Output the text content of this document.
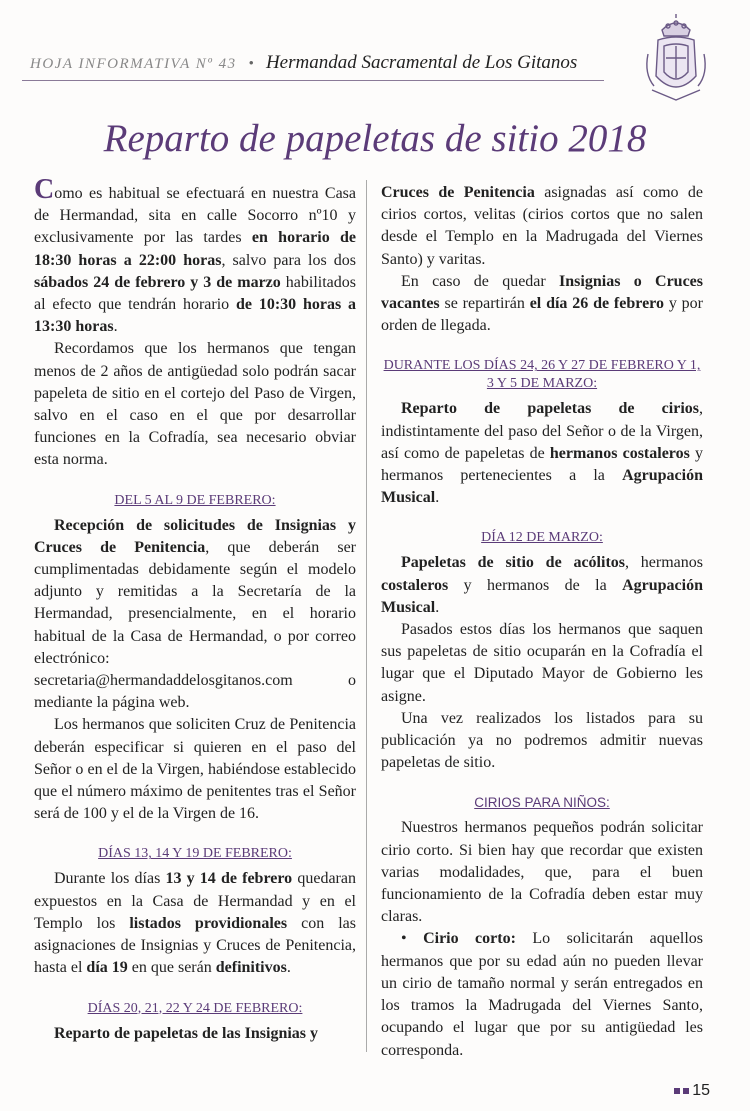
HOJA INFORMATIVA Nº 43 • Hermandad Sacramental de Los Gitanos
Reparto de papeletas de sitio 2018

Como es habitual se efectuará en nuestra Casa de Hermandad, sita en calle Socorro nº10 y exclusivamente por las tardes en horario de 18:30 horas a 22:00 horas, salvo para los dos sábados 24 de febrero y 3 de marzo habilitados al efecto que tendrán horario de 10:30 horas a 13:30 horas.

Recordamos que los hermanos que tengan menos de 2 años de antigüedad solo podrán sacar papeleta de sitio en el cortejo del Paso de Virgen, salvo en el caso en el que por desarrollar funciones en la Cofradía, sea necesario obviar esta norma.

DEL 5 AL 9 DE FEBRERO:

Recepción de solicitudes de Insignias y Cruces de Penitencia, que deberán ser cumplimentadas debidamente según el modelo adjunto y remitidas a la Secretaría de la Hermandad, presencialmente, en el horario habitual de la Casa de Hermandad, o por correo electrónico: secretaria@hermandaddelosgitanos.com o mediante la página web.

Los hermanos que soliciten Cruz de Penitencia deberán especificar si quieren en el paso del Señor o en el de la Virgen, habiéndose establecido que el número máximo de penitentes tras el Señor será de 100 y el de la Virgen de 16.

DÍAS 13, 14 Y 19 DE FEBRERO:

Durante los días 13 y 14 de febrero quedaran expuestos en la Casa de Hermandad y en el Templo los listados providionales con las asignaciones de Insignias y Cruces de Penitencia, hasta el día 19 en que serán definitivos.

DÍAS 20, 21, 22 Y 24 DE FEBRERO:

Reparto de papeletas de las Insignias y

Cruces de Penitencia asignadas así como de cirios cortos, velitas (cirios cortos que no salen desde el Templo en la Madrugada del Viernes Santo) y varitas.

En caso de quedar Insignias o Cruces vacantes se repartirán el día 26 de febrero y por orden de llegada.

DURANTE LOS DÍAS 24, 26 Y 27 DE FEBRERO Y 1, 3 Y 5 DE MARZO:

Reparto de papeletas de cirios, indistintamente del paso del Señor o de la Virgen, así como de papeletas de hermanos costaleros y hermanos pertenecientes a la Agrupación Musical.

DÍA 12 DE MARZO:

Papeletas de sitio de acólitos, hermanos costaleros y hermanos de la Agrupación Musical.

Pasados estos días los hermanos que saquen sus papeletas de sitio ocuparán en la Cofradía el lugar que el Diputado Mayor de Gobierno les asigne.

Una vez realizados los listados para su publicación ya no podremos admitir nuevas papeletas de sitio.

CIRIOS PARA NIÑOS:

Nuestros hermanos pequeños podrán solicitar cirio corto. Si bien hay que recordar que existen varias modalidades, que, para el buen funcionamiento de la Cofradía deben estar muy claras.

• Cirio corto: Lo solicitarán aquellos hermanos que por su edad aún no pueden llevar un cirio de tamaño normal y serán entregados en los tramos la Madrugada del Viernes Santo, ocupando el lugar que por su antigüedad les corresponda.

15
